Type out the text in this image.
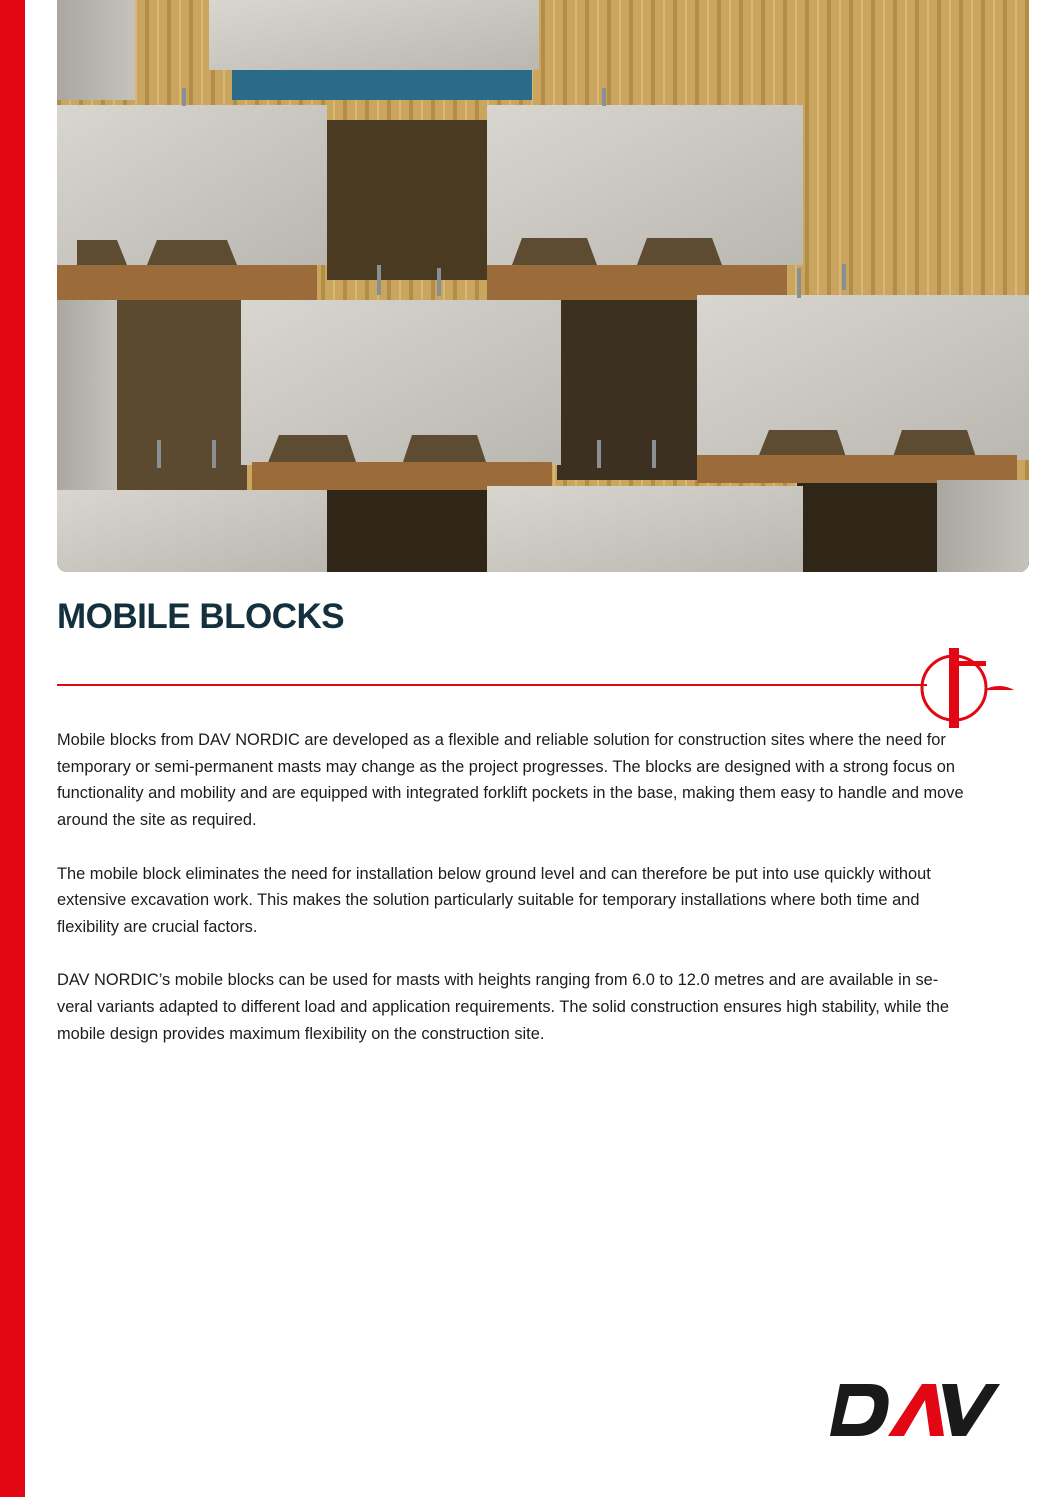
MOBILE BLOCKS

Mobile blocks from DAV NORDIC are developed as a flexible and reliable solution for construction sites where the need for temporary or semi-permanent masts may change as the project progresses. The blocks are designed with a strong focus on functionality and mobility and are equipped with integrated forklift pockets in the base, making them easy to handle and move around the site as required.

The mobile block eliminates the need for installation below ground level and can therefore be put into use quickly without extensive excavation work. This makes the solution particularly suitable for temporary installations where both time and flexibility are crucial factors.

DAV NORDIC’s mobile blocks can be used for masts with heights ranging from 6.0 to 12.0 metres and are available in se-veral variants adapted to different load and application requirements. The solid construction ensures high stability, while the mobile design provides maximum flexibility on the construction site.
